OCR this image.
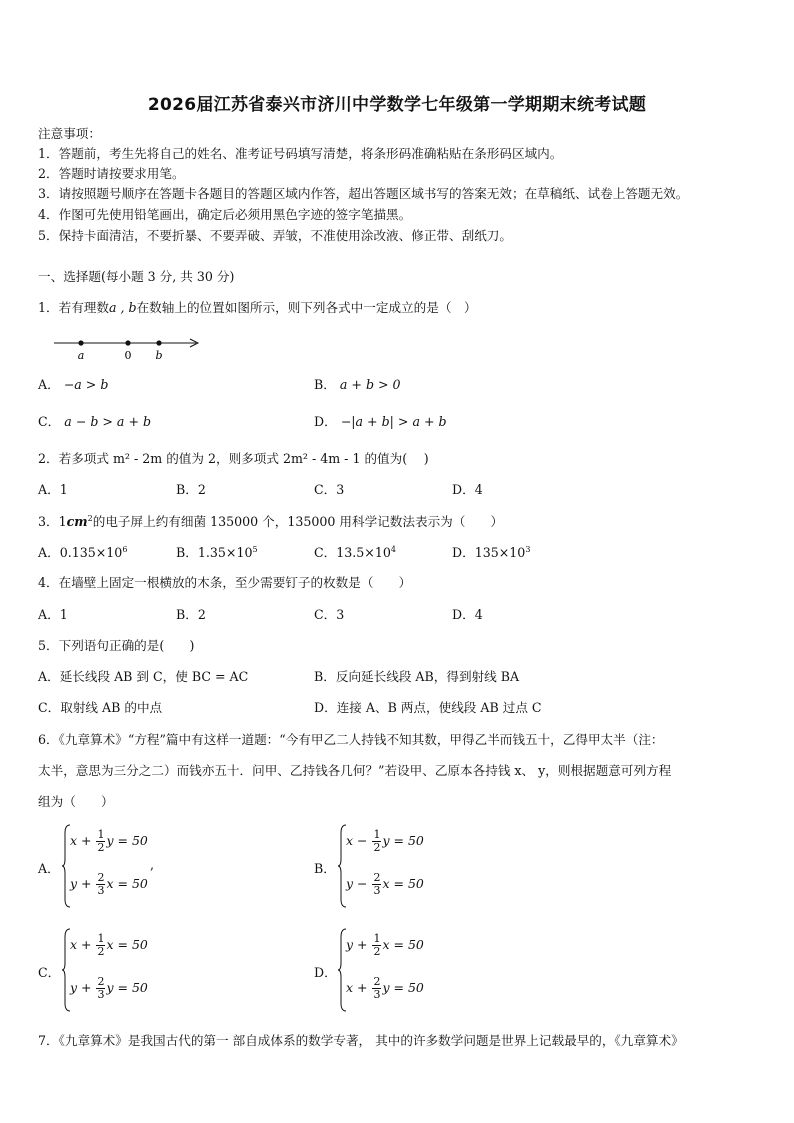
2026届江苏省泰兴市济川中学数学七年级第一学期期末统考试题
注意事项：
1．答题前，考生先将自己的姓名、准考证号码填写清楚，将条形码准确粘贴在条形码区域内。
2．答题时请按要求用笔。
3．请按照题号顺序在答题卡各题目的答题区域内作答，超出答题区域书写的答案无效；在草稿纸、试卷上答题无效。
4．作图可先使用铅笔画出，确定后必须用黑色字迹的签字笔描黑。
5．保持卡面清洁，不要折暴、不要弄破、弄皱，不准使用涂改液、修正带、刮纸刀。
一、选择题(每小题 3 分, 共 30 分)
1．若有理数a , b在数轴上的位置如图所示，则下列各式中一定成立的是（　）
a	0 b
A． −a > b	B． a + b > 0
C． a − b > a + b	D． −|a + b| > a + b
2．若多项式 m² - 2m 的值为 2，则多项式 2m² - 4m - 1 的值为(　 )
A．1	B．2	C．3	D．4
3．$1cm^2$的电子屏上约有细菌 135000 个，135000 用科学记数法表示为（　　）
A．$0.135\times 10^6$	B．$1.35\times 10^5$	C．$13.5\times 10^4$	D．$135\times 10^3$
4．在墙壁上固定一根横放的木条，至少需要钉子的枚数是（　　）
A．1	B．2	C．3	D．4
5．下列语句正确的是(　　)
A．延长线段 AB 到 C，使 BC = AC	B．反向延长线段 AB，得到射线 BA
C．取射线 AB 的中点	D．连接 A、B 两点，使线段 AB 过点 C
6．《九章算术》“方程”篇中有这样一道题：“今有甲乙二人持钱不知其数，甲得乙半而钱五十，乙得甲太半（注：
太半，意思为三分之二）而钱亦五十．问甲、乙持钱各几何？”若设甲、乙原本各持钱 x、 y，则根据题意可列方程
组为（　　）
A．
$x + \frac{1}{2}$ y = 50
$y + \frac{2}{3}$ x = 50
,	B．
$x - \frac{1}{2}$ y = 50
$y - \frac{2}{3}$ x = 50
C．
$x + \frac{1}{2}$ x = 50
$y + \frac{2}{3}$ y = 50
D．
$y + \frac{1}{2}$ x = 50
$x + \frac{2}{3}$ y = 50
7．《九章算术》是我国古代的第一 部自成体系的数学专著， 其中的许多数学问题是世界上记载最早的，《九章算术》
